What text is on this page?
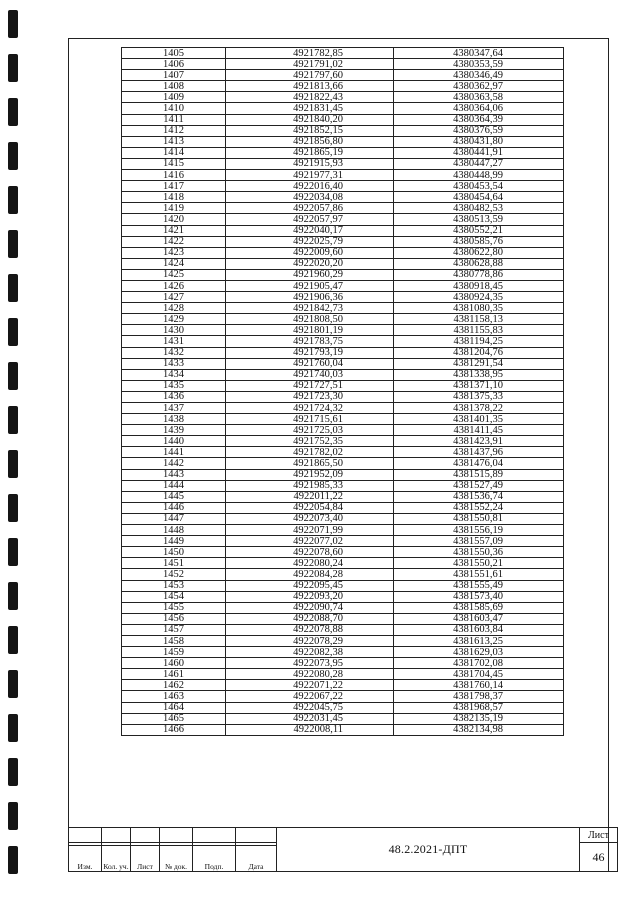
1405	4921782,85	4380347,64
1406	4921791,02	4380353,59
1407	4921797,60	4380346,49
1408	4921813,66	4380362,97
1409	4921822,43	4380363,58
1410	4921831,45	4380364,06
1411	4921840,20	4380364,39
1412	4921852,15	4380376,59
1413	4921856,80	4380431,80
1414	4921865,19	4380441,91
1415	4921915,93	4380447,27
1416	4921977,31	4380448,99
1417	4922016,40	4380453,54
1418	4922034,08	4380454,64
1419	4922057,86	4380482,53
1420	4922057,97	4380513,59
1421	4922040,17	4380552,21
1422	4922025,79	4380585,76
1423	4922009,60	4380622,80
1424	4922020,20	4380628,88
1425	4921960,29	4380778,86
1426	4921905,47	4380918,45
1427	4921906,36	4380924,35
1428	4921842,73	4381080,35
1429	4921808,50	4381158,13
1430	4921801,19	4381155,83
1431	4921783,75	4381194,25
1432	4921793,19	4381204,76
1433	4921760,04	4381291,54
1434	4921740,03	4381338,95
1435	4921727,51	4381371,10
1436	4921723,30	4381375,33
1437	4921724,32	4381378,22
1438	4921715,61	4381401,35
1439	4921725,03	4381411,45
1440	4921752,35	4381423,91
1441	4921782,02	4381437,96
1442	4921865,50	4381476,04
1443	4921952,09	4381515,89
1444	4921985,33	4381527,49
1445	4922011,22	4381536,74
1446	4922054,84	4381552,24
1447	4922073,40	4381550,81
1448	4922071,99	4381556,19
1449	4922077,02	4381557,09
1450	4922078,60	4381550,36
1451	4922080,24	4381550,21
1452	4922084,28	4381551,61
1453	4922095,45	4381555,49
1454	4922093,20	4381573,40
1455	4922090,74	4381585,69
1456	4922088,70	4381603,47
1457	4922078,88	4381603,84
1458	4922078,29	4381613,25
1459	4922082,38	4381629,03
1460	4922073,95	4381702,08
1461	4922080,28	4381704,45
1462	4922071,22	4381760,14
1463	4922067,22	4381798,37
1464	4922045,75	4381968,57
1465	4922031,45	4382135,19
1466	4922008,11	4382134,98
						48.2.2021-ДПТ	Лист
							46
Изм.	Кол. уч.	Лист	№ док.	Подп.	Дата		
